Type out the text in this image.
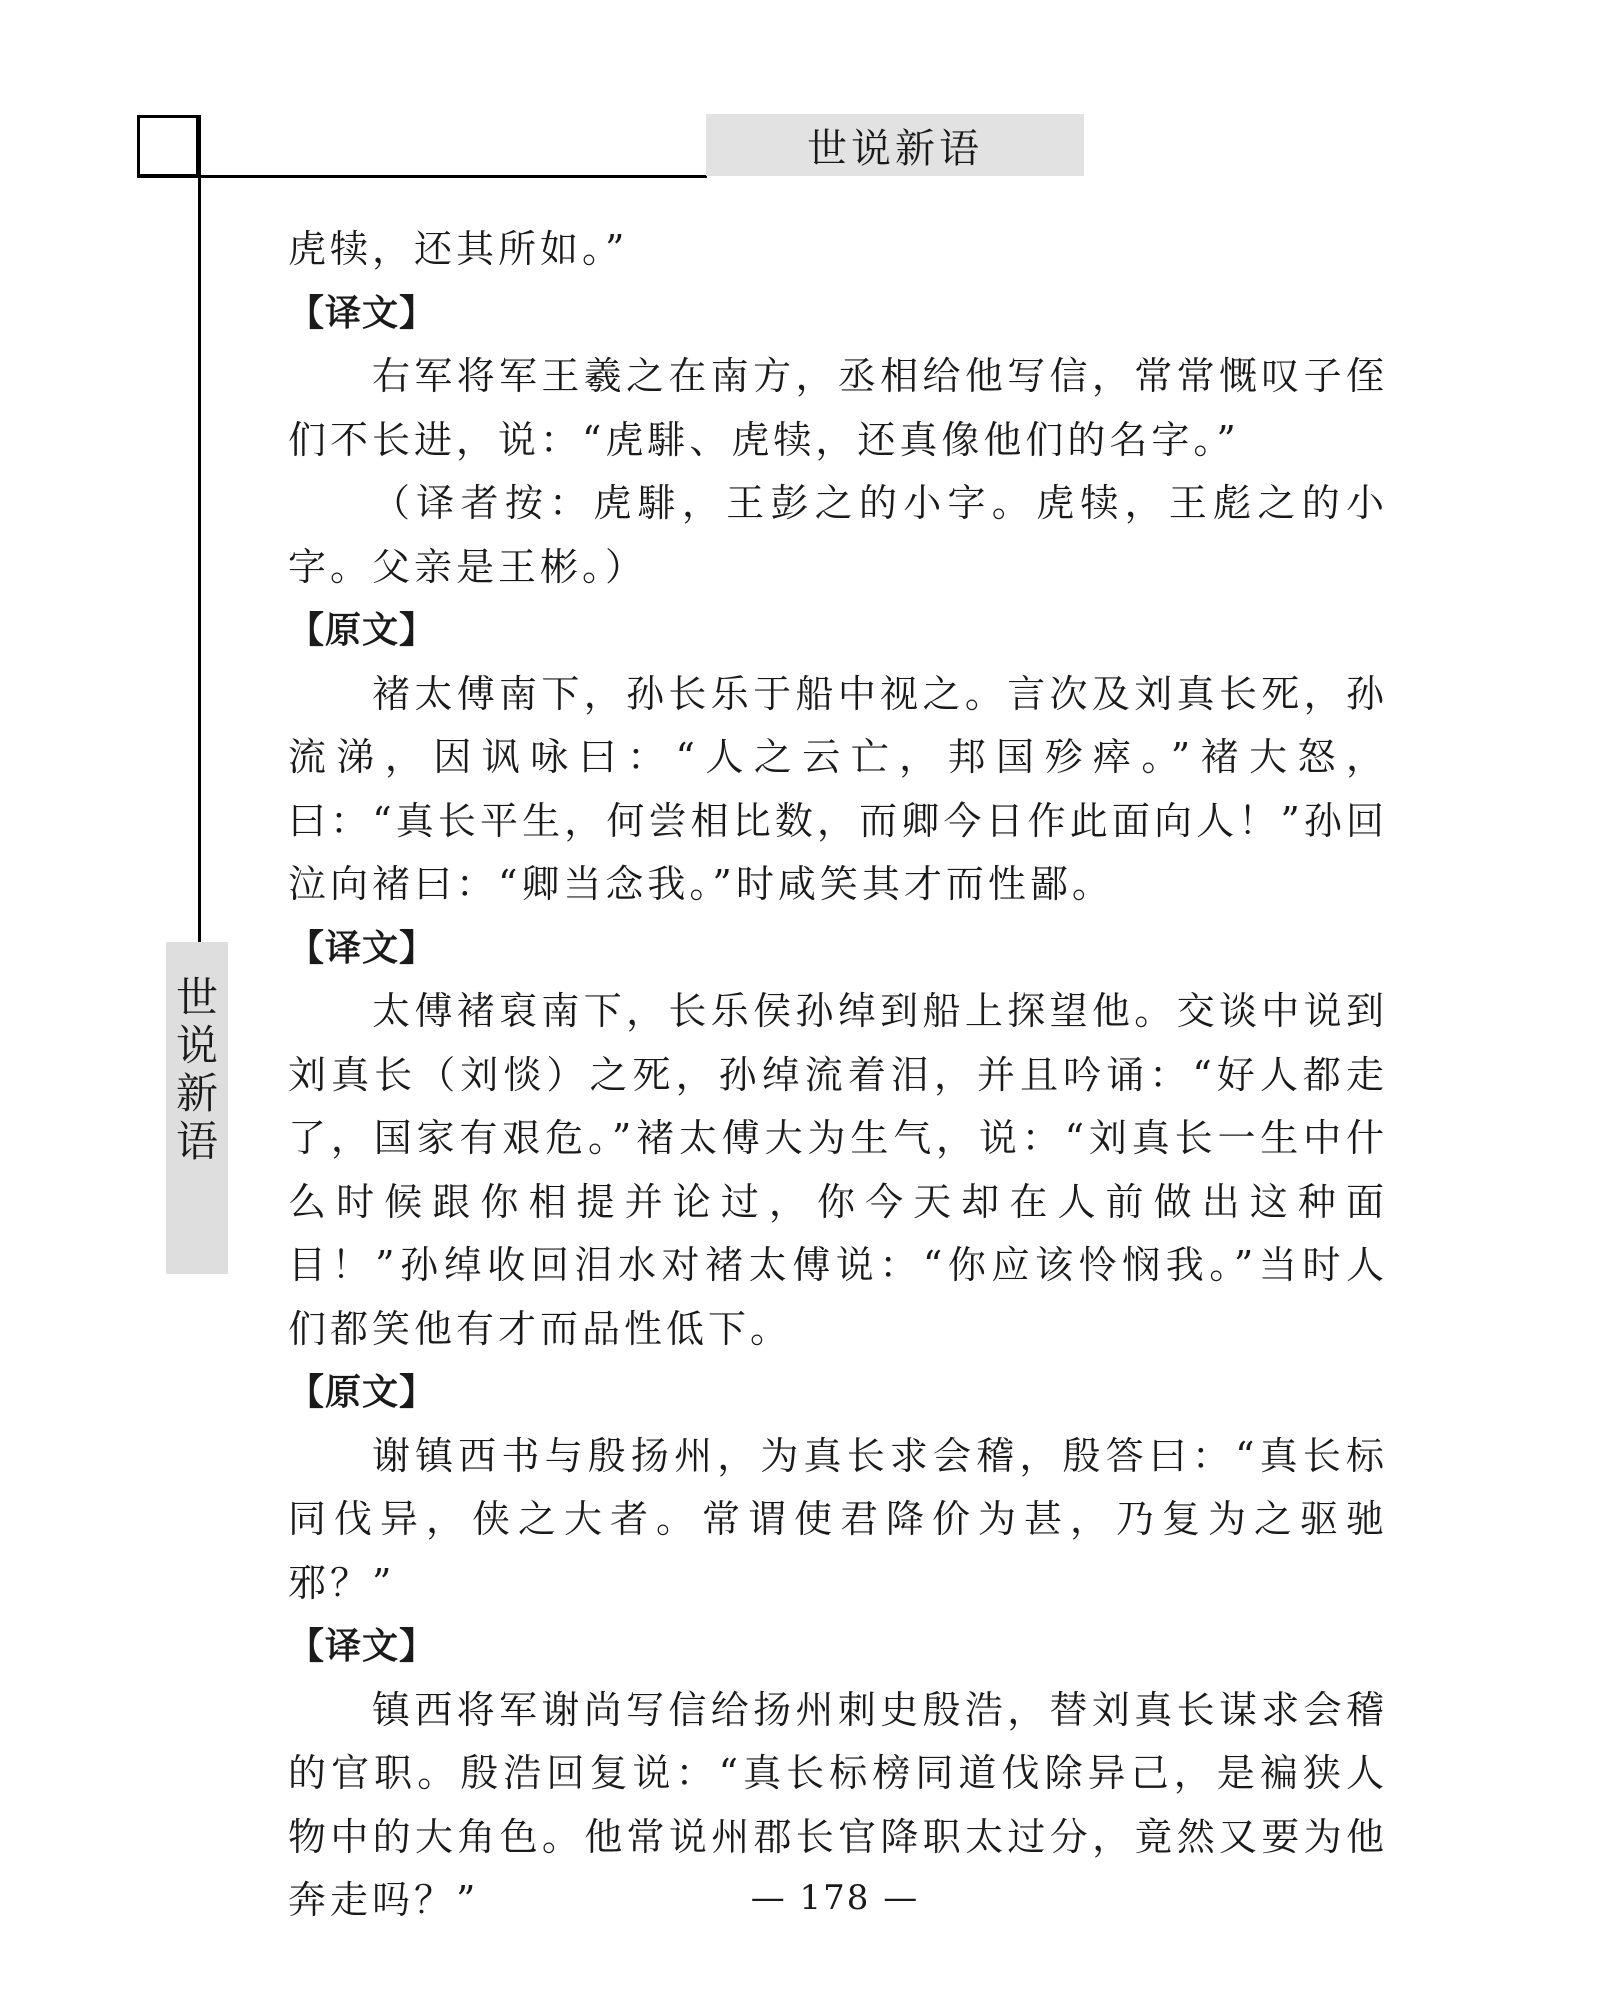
世说新语
世
说
新
语

虎犊，还其所如。”

【译文】

右军将军王羲之在南方，丞相给他写信，常常慨叹子侄们不长进，说：“虎騑、虎犊，还真像他们的名字。”

（译者按：虎騑，王彭之的小字。虎犊，王彪之的小字。父亲是王彬。）

【原文】

褚太傅南下，孙长乐于船中视之。言次及刘真长死，孙流涕，因讽咏曰：“人之云亡，邦国殄瘁。”褚大怒，曰：“真长平生，何尝相比数，而卿今日作此面向人！”孙回泣向褚曰：“卿当念我。”时咸笑其才而性鄙。

【译文】

太傅褚裒南下，长乐侯孙绰到船上探望他。交谈中说到刘真长（刘惔）之死，孙绰流着泪，并且吟诵：“好人都走了，国家有艰危。”褚太傅大为生气，说：“刘真长一生中什么时候跟你相提并论过，你今天却在人前做出这种面目！”孙绰收回泪水对褚太傅说：“你应该怜悯我。”当时人们都笑他有才而品性低下。

【原文】

谢镇西书与殷扬州，为真长求会稽，殷答曰：“真长标同伐异，侠之大者。常谓使君降价为甚，乃复为之驱驰邪？”

【译文】

镇西将军谢尚写信给扬州刺史殷浩，替刘真长谋求会稽的官职。殷浩回复说：“真长标榜同道伐除异己，是褊狭人物中的大角色。他常说州郡长官降职太过分，竟然又要为他奔走吗？”	— 178 —
